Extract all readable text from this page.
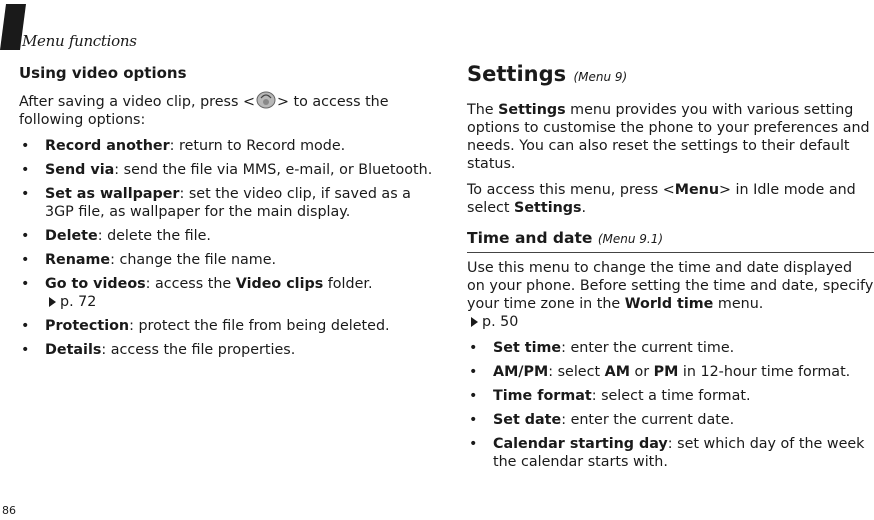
Menu functions
Using video options

After saving a video clip, press < > to access the following options:

• Record another: return to Record mode.
• Send via: send the file via MMS, e-mail, or Bluetooth.
• Set as wallpaper: set the video clip, if saved as a 3GP file, as wallpaper for the main display.
• Delete: delete the file.
• Rename: change the file name.
• Go to videos: access the Video clips folder.
p. 72
• Protection: protect the file from being deleted.
• Details: access the file properties.
Settings (Menu 9)

The Settings menu provides you with various setting options to customise the phone to your preferences and needs. You can also reset the settings to their default status.

To access this menu, press <Menu> in Idle mode and select Settings.

Time and date (Menu 9.1)

Use this menu to change the time and date displayed on your phone. Before setting the time and date, specify your time zone in the World time menu.
p. 50

• Set time: enter the current time.
• AM/PM: select AM or PM in 12-hour time format.
• Time format: select a time format.
• Set date: enter the current date.
• Calendar starting day: set which day of the week the calendar starts with.
86
